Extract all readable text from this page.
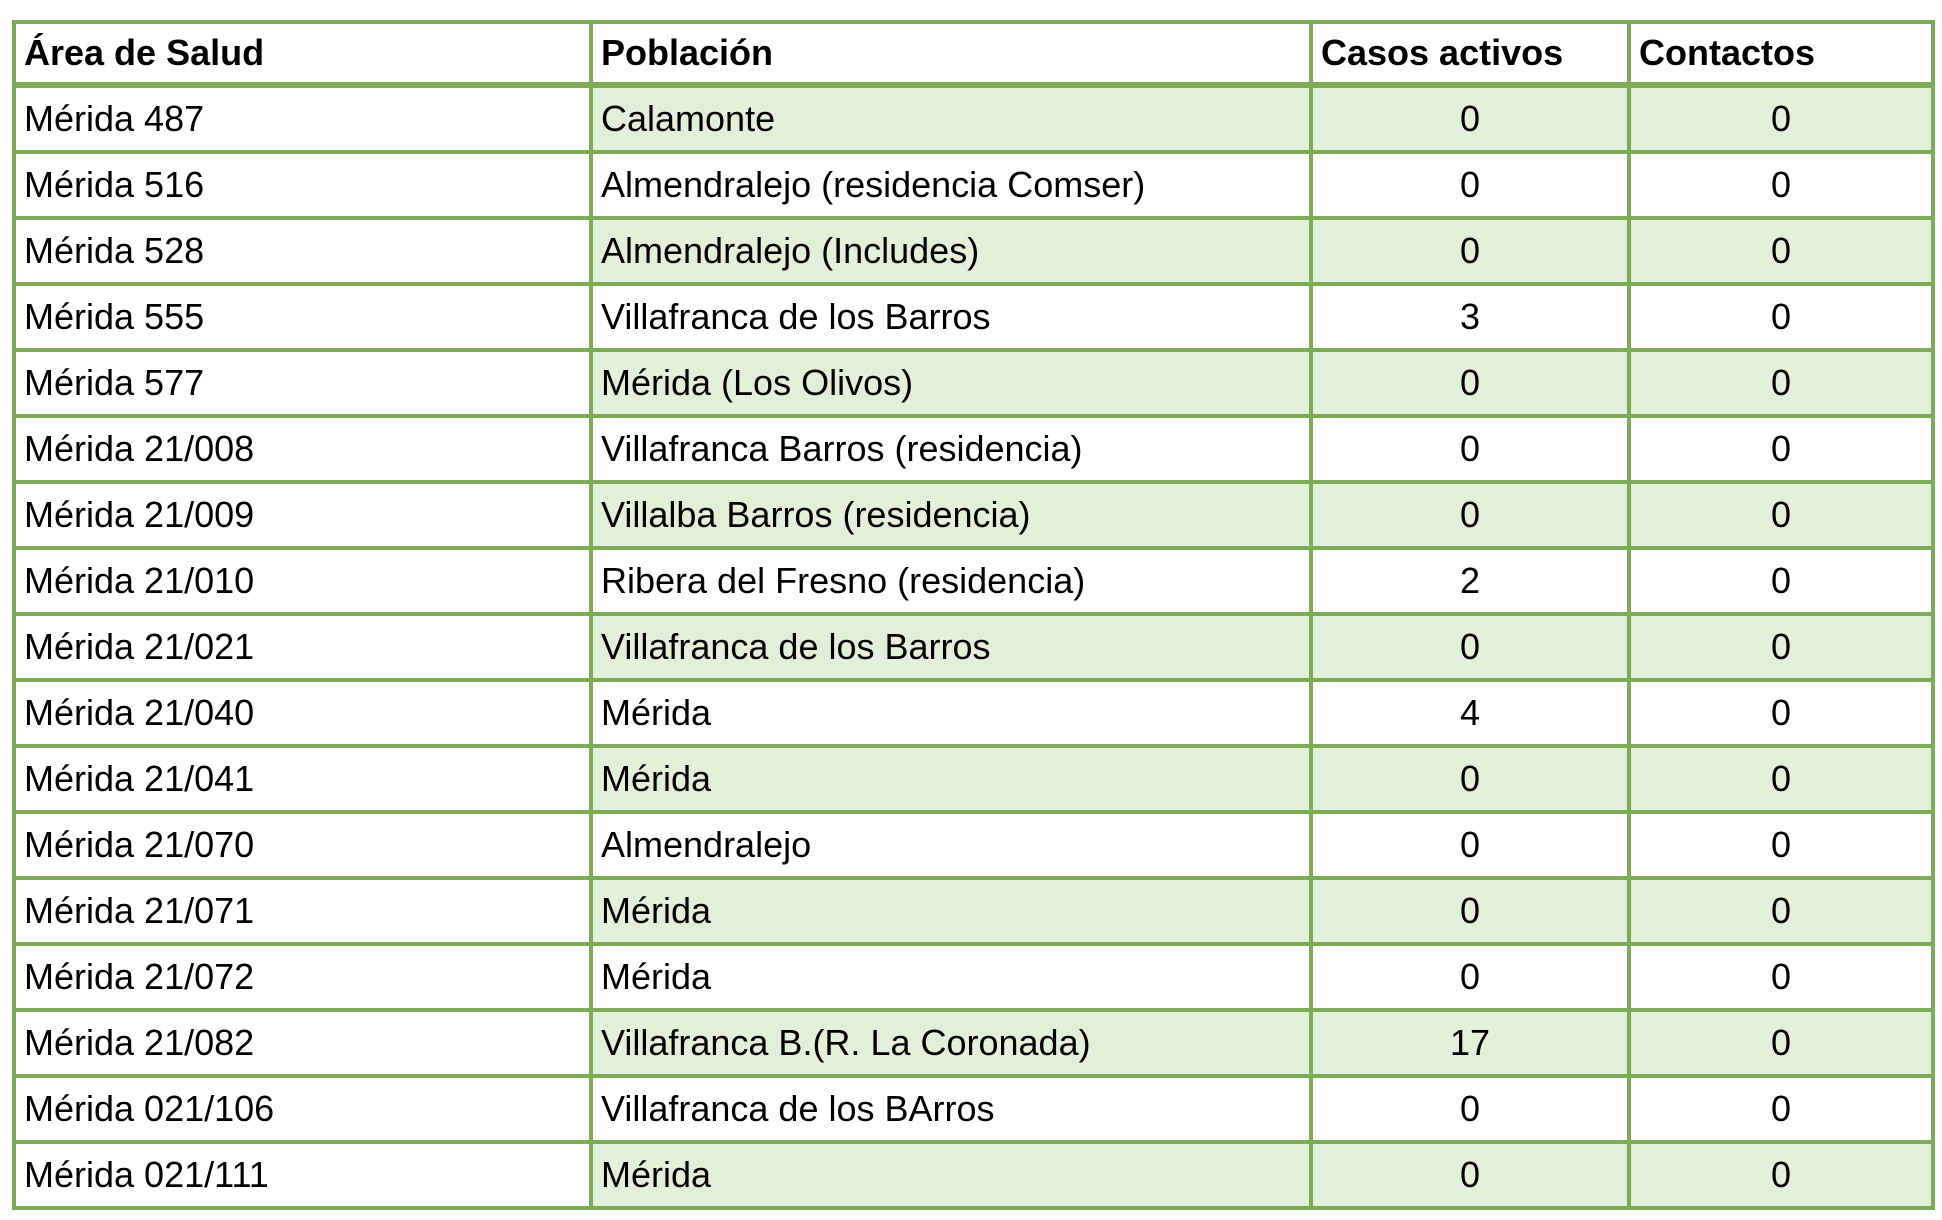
Área de Salud	Población	Casos activos	Contactos
Mérida 487	Calamonte	0	0
Mérida 516	Almendralejo (residencia Comser)	0	0
Mérida 528	Almendralejo (Includes)	0	0
Mérida 555	Villafranca de los Barros	3	0
Mérida 577	Mérida (Los Olivos)	0	0
Mérida 21/008	Villafranca Barros (residencia)	0	0
Mérida 21/009	Villalba Barros (residencia)	0	0
Mérida 21/010	Ribera del Fresno (residencia)	2	0
Mérida 21/021	Villafranca de los Barros	0	0
Mérida 21/040	Mérida	4	0
Mérida 21/041	Mérida	0	0
Mérida 21/070	Almendralejo	0	0
Mérida 21/071	Mérida	0	0
Mérida 21/072	Mérida	0	0
Mérida 21/082	Villafranca B.(R. La Coronada)	17	0
Mérida 021/106	Villafranca de los BArros	0	0
Mérida 021/111	Mérida	0	0
